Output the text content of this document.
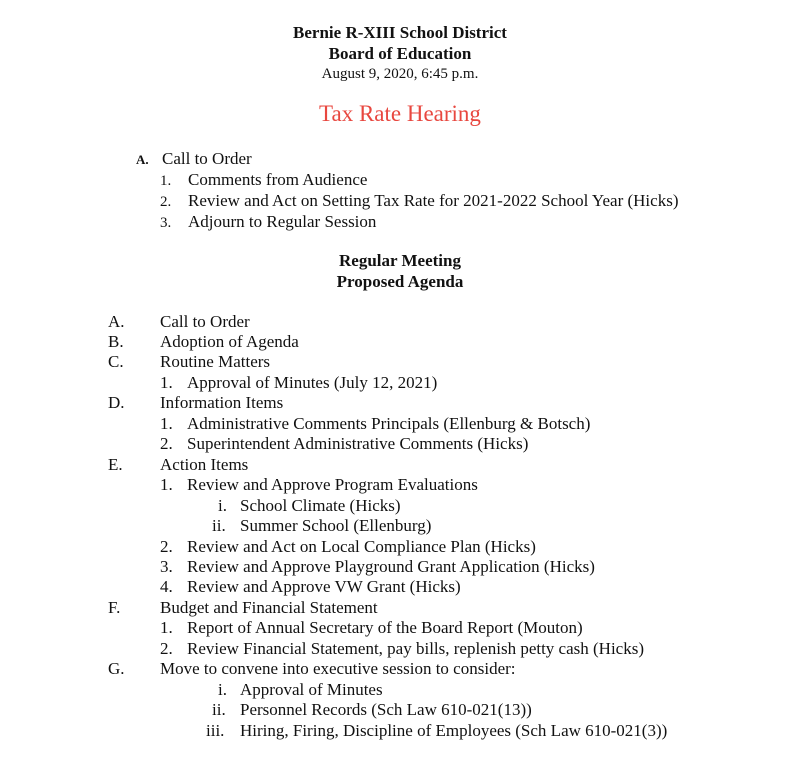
Bernie R-XIII School District
Board of Education
August 9, 2020, 6:45 p.m.
Tax Rate Hearing
A. Call to Order
1. Comments from Audience
2. Review and Act on Setting Tax Rate for 2021-2022 School Year (Hicks)
3. Adjourn to Regular Session
Regular Meeting
Proposed Agenda
A. Call to Order
B. Adoption of Agenda
C. Routine Matters
1. Approval of Minutes (July 12, 2021)
D. Information Items
1. Administrative Comments Principals (Ellenburg & Botsch)
2. Superintendent Administrative Comments (Hicks)
E. Action Items
1. Review and Approve Program Evaluations
i. School Climate (Hicks)
ii. Summer School (Ellenburg)
2. Review and Act on Local Compliance Plan (Hicks)
3. Review and Approve Playground Grant Application (Hicks)
4. Review and Approve VW Grant (Hicks)
F. Budget and Financial Statement
1. Report of Annual Secretary of the Board Report (Mouton)
2. Review Financial Statement, pay bills, replenish petty cash (Hicks)
G. Move to convene into executive session to consider:
i. Approval of Minutes
ii. Personnel Records (Sch Law 610-021(13))
iii. Hiring, Firing, Discipline of Employees (Sch Law 610-021(3))
